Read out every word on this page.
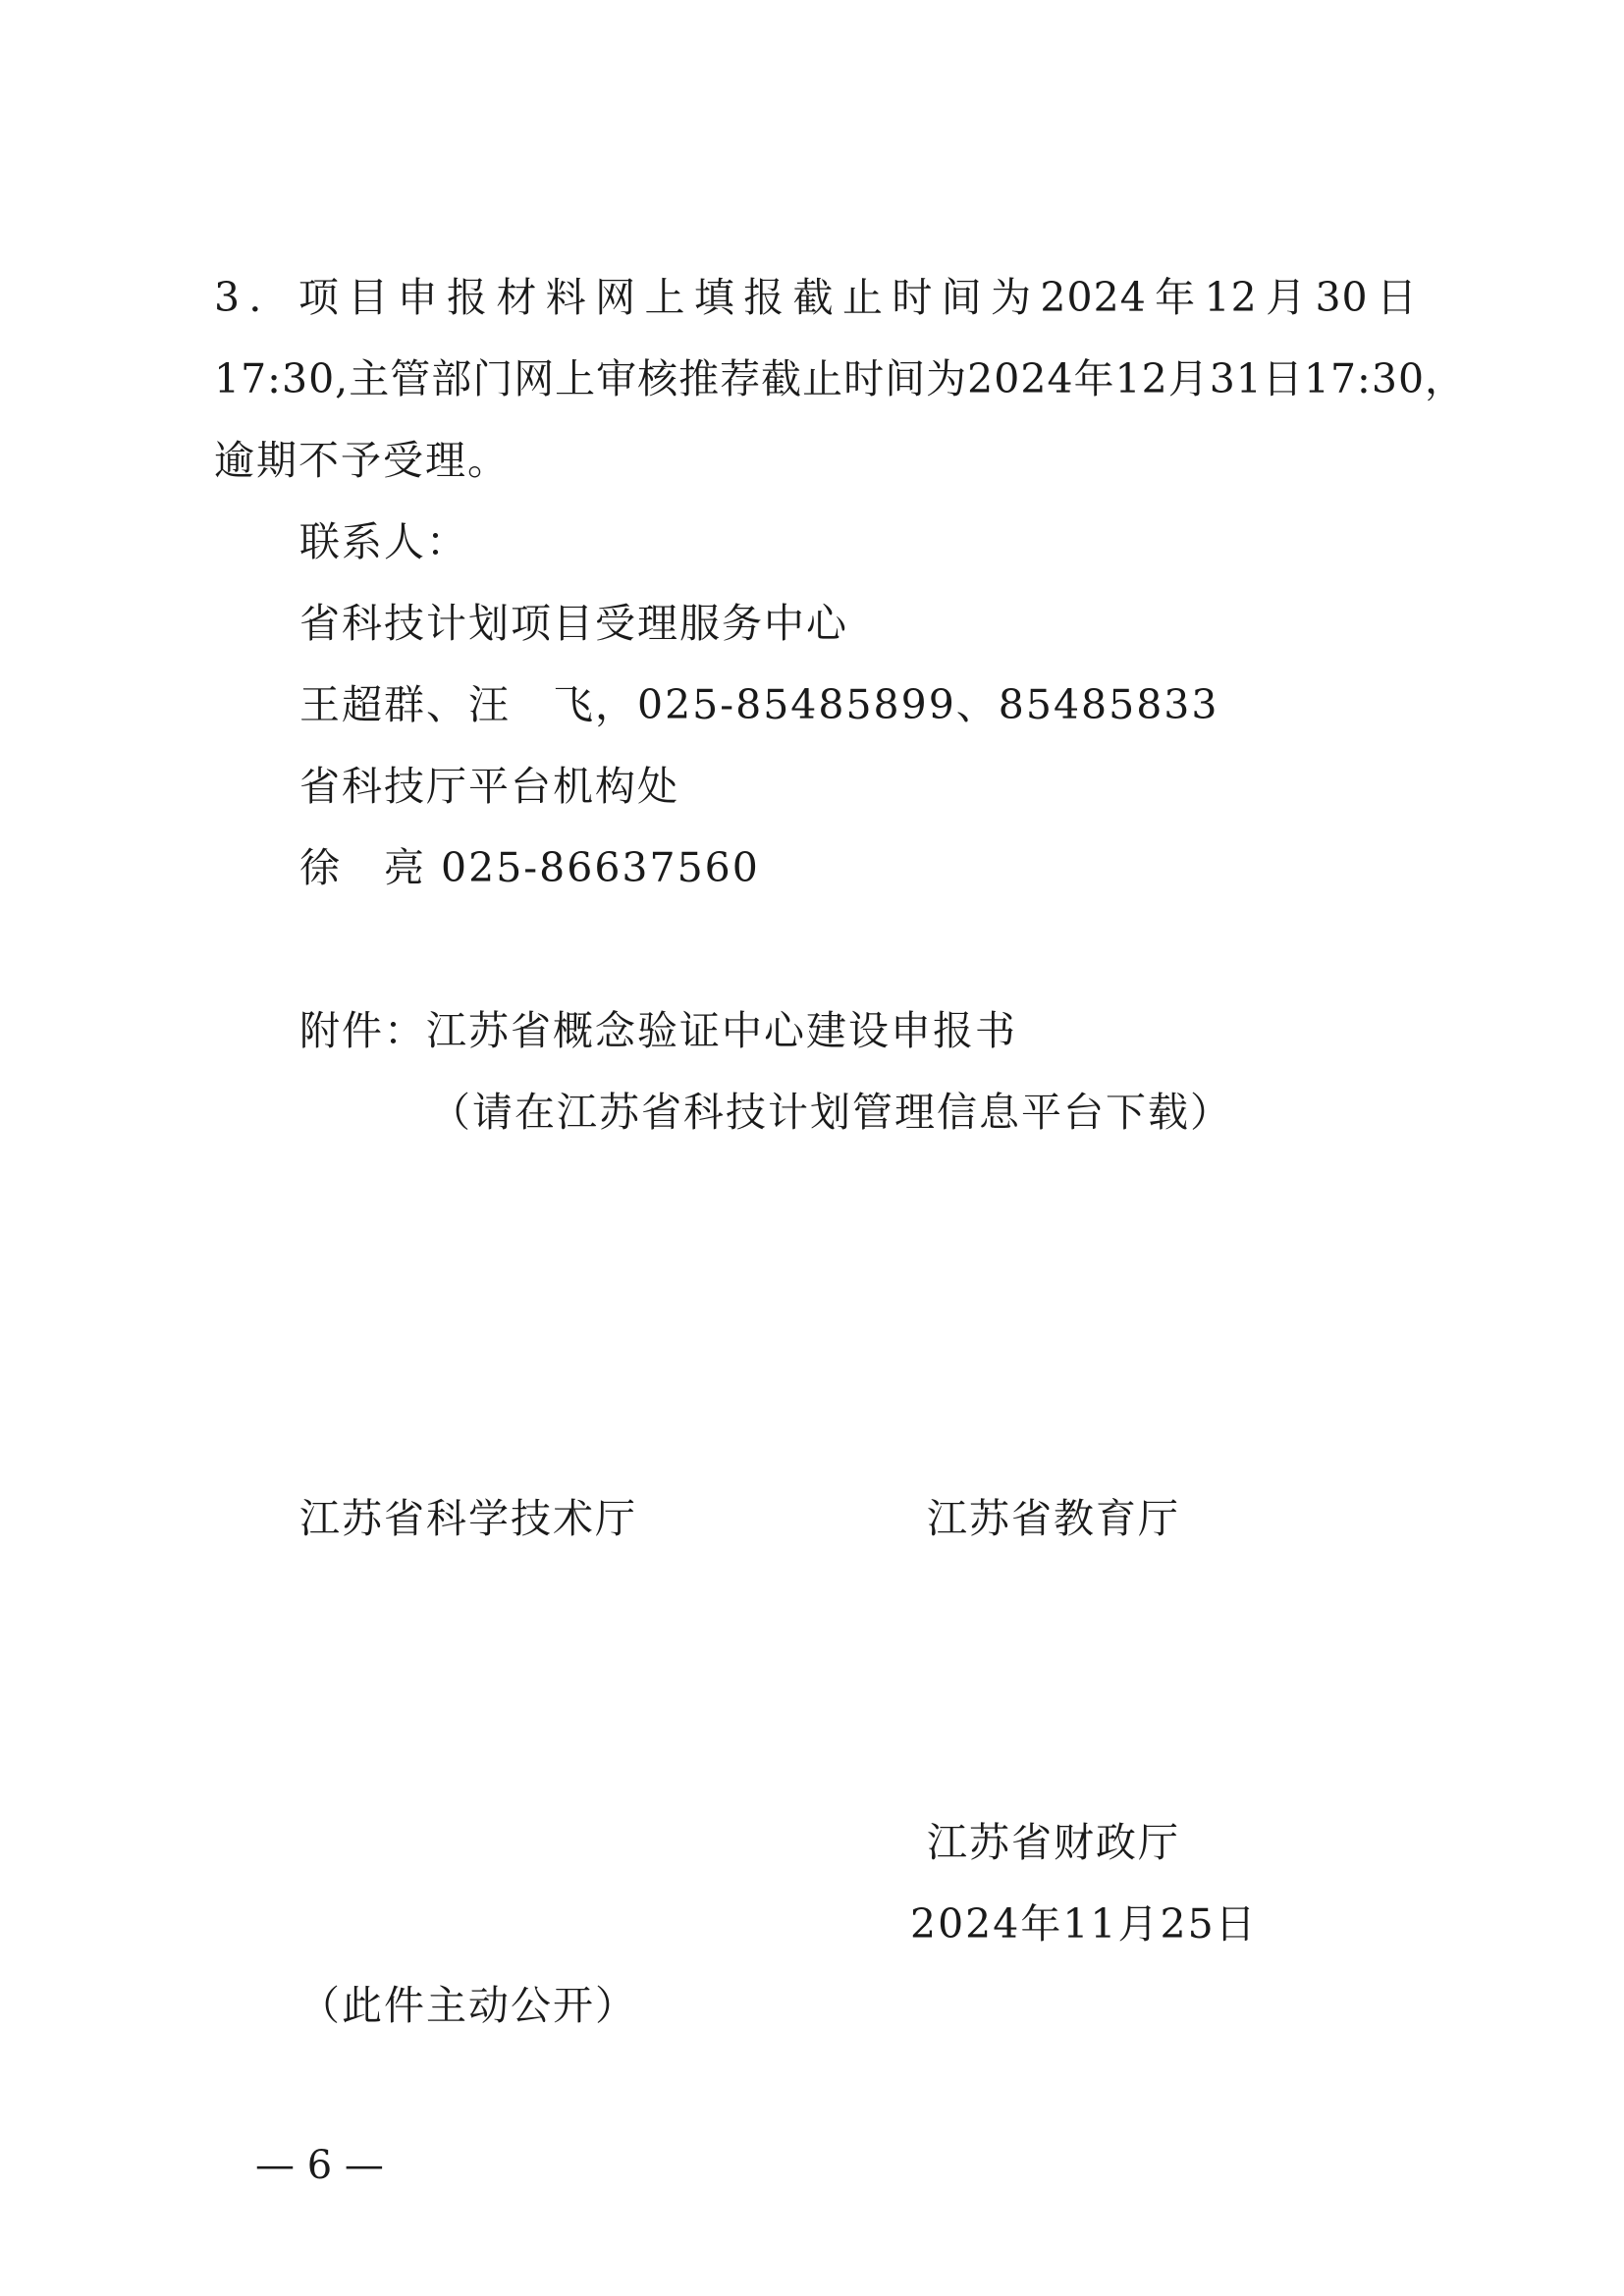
3．项目申报材料网上填报截止时间为2024年12月30日
17:30,主管部门网上审核推荐截止时间为2024年12月31日17:30，
逾期不予受理。
联系人：
省科技计划项目受理服务中心
王超群、汪　飞，025-85485899、85485833
省科技厅平台机构处
徐　亮 025-86637560
附件：江苏省概念验证中心建设申报书
（请在江苏省科技计划管理信息平台下载）
江苏省科学技术厅	江苏省教育厅
江苏省财政厅
2024年11月25日
（此件主动公开）
— 6 —
